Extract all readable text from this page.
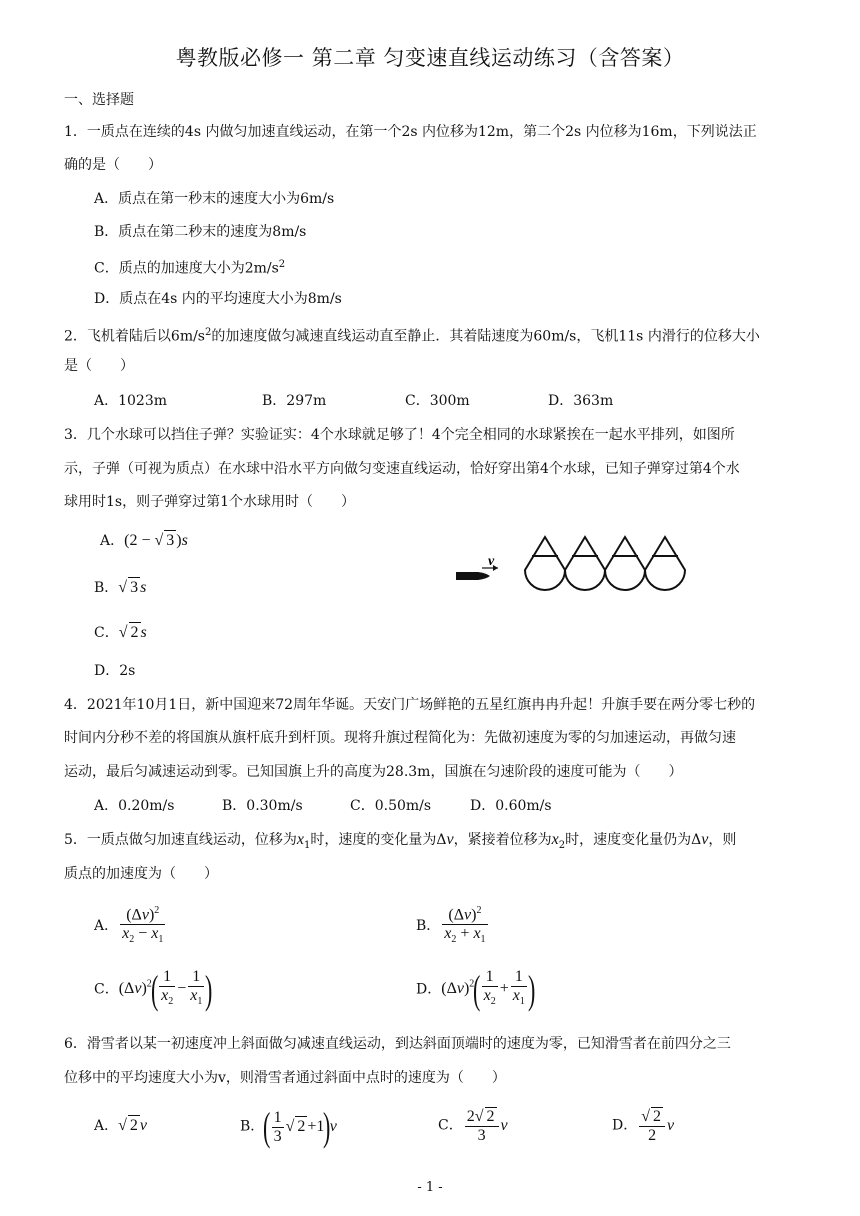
粤教版必修一 第二章 匀变速直线运动练习（含答案）
一、选择题
1．一质点在连续的4s 内做匀加速直线运动，在第一个2s 内位移为12m，第二个2s 内位移为16m，下列说法正
确的是（　　）
A．质点在第一秒末的速度大小为6m/s
B．质点在第二秒末的速度为8m/s
C．质点的加速度大小为$2m/s^2$
D．质点在4s 内的平均速度大小为8m/s
2．飞机着陆后以$6m/s^2$的加速度做匀减速直线运动直至静止．其着陆速度为60m/s，飞机11s 内滑行的位移大小
是（　　）
A．1023m	B．297m	C．300m	D．363m
3．几个水球可以挡住子弹？实验证实：4个水球就足够了！4个完全相同的水球紧挨在一起水平排列，如图所
示，子弹（可视为质点）在水球中沿水平方向做匀变速直线运动，恰好穿出第4个水球，已知子弹穿过第4个水
球用时1s，则子弹穿过第1个水球用时（　　）
A．(2 − √ 3 )s
B．√ 3 s
C．√ 2 s
D．2s
v
4．2021年10月1日，新中国迎来72周年华诞。天安门广场鲜艳的五星红旗冉冉升起！升旗手要在两分零七秒的
时间内分秒不差的将国旗从旗杆底升到杆顶。现将升旗过程简化为：先做初速度为零的匀加速运动，再做匀速
运动，最后匀减速运动到零。已知国旗上升的高度为28.3m，国旗在匀速阶段的速度可能为（　　）
A．0.20m/s	B．0.30m/s	C．0.50m/s	D．0.60m/s
5．一质点做匀加速直线运动，位移为$x_1$时，速度的变化量为Δv，紧接着位移为$x_2$时，速度变化量仍为Δv，则
质点的加速度为（　　）
A． $\frac{(\Delta v)^2}{x_2 - x_1}$	B． $\frac{(\Delta v)^2}{x_2 + x_1}$
C．$(\Delta v)^2( \frac{1}{x_2} - \frac{1}{x_1}$ )	D．$(\Delta v)^2( \frac{1}{x_2} + \frac{1}{x_1}$ )
6．滑雪者以某一初速度冲上斜面做匀减速直线运动，到达斜面顶端时的速度为零，已知滑雪者在前四分之三
位移中的平均速度大小为v，则滑雪者通过斜面中点时的速度为（　　）
A．√ 2 v	B．( $\frac{1}{3}$ √ 2 +1)v	C． $\frac{2√ 2}{3}$ v	D． $\frac{√ 2}{2}$ v
- 1 -
